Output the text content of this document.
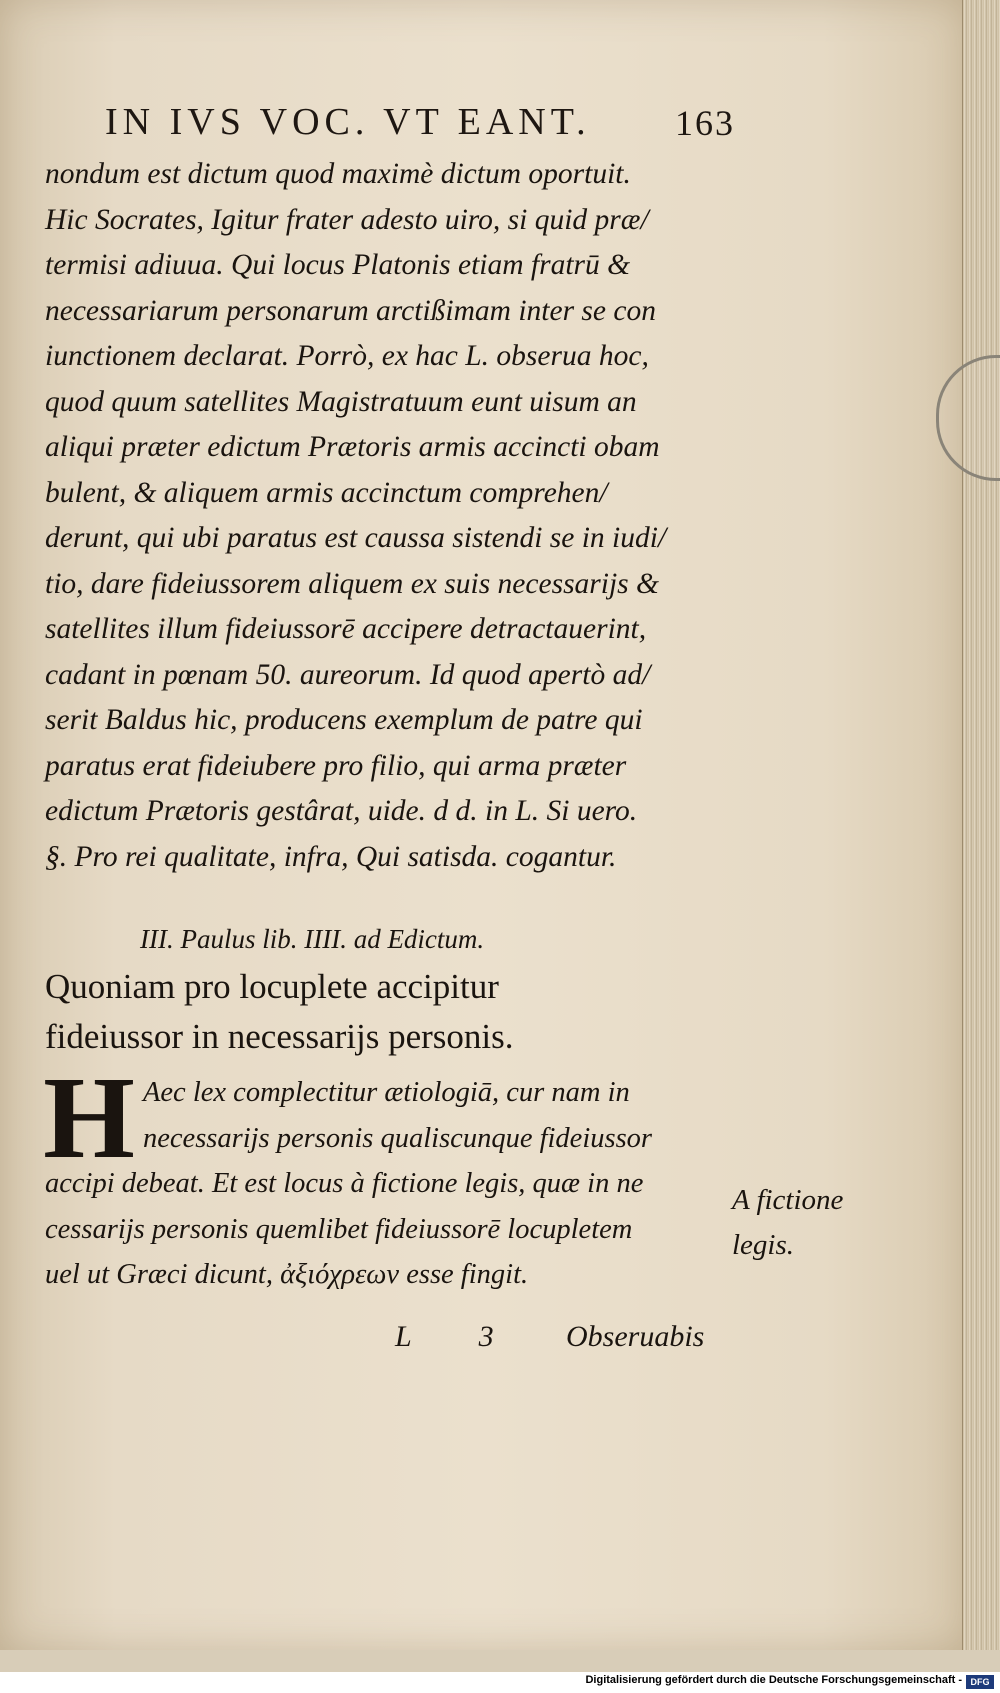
IN IVS VOC. VT EANT. 163
nondum est dictum quod maximè dictum oportuit.
Hic Socrates, Igitur frater adesto uiro, si quid præ/
termisi adiuua. Qui locus Platonis etiam fratrū &
necessariarum personarum arctißimam inter se con
iunctionem declarat. Porrò, ex hac L. obserua hoc,
quod quum satellites Magistratuum eunt uisum an
aliqui præter edictum Prætoris armis accincti obam
bulent, & aliquem armis accinctum comprehen/
derunt, qui ubi paratus est caussa sistendi se in iudi/
tio, dare fideiussorem aliquem ex suis necessarijs &
satellites illum fideiussorē accipere detractauerint,
cadant in pœnam 50. aureorum. Id quod apertò ad/
serit Baldus hic, producens exemplum de patre qui
paratus erat fideiubere pro filio, qui arma præter
edictum Prætoris gestârat, uide. d d. in L. Si uero.
§. Pro rei qualitate, infra, Qui satisda. cogantur.
III. Paulus lib. IIII. ad Edictum.
Quoniam pro locuplete accipitur
fideiussor in necessarijs personis.
H Aec lex complectitur ætiologiā, cur nam in
necessarijs personis qualiscunque fideiussor
accipi debeat. Et est locus à fictione legis, quæ in ne
cessarijs personis quemlibet fideiussorē locupletem
uel ut Græci dicunt, ἀξιόχρεων esse fingit.
A fictione
legis.
L 3 Obseruabis
Digitalisierung gefördert durch die Deutsche Forschungsgemeinschaft - DFG
